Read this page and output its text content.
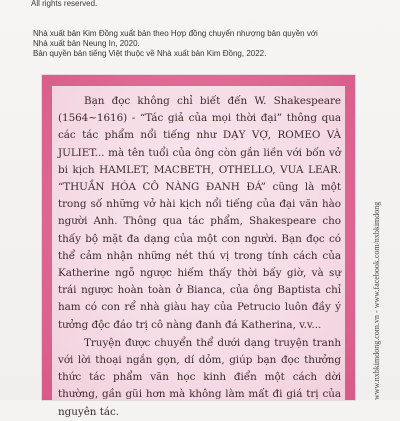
All rights reserved.
Nhà xuất bản Kim Đồng xuất bản theo Hợp đồng chuyển nhượng bản quyền với
Nhà xuất bản Neung In, 2020.
Bản quyền bản tiếng Việt thuộc về Nhà xuất bản Kim Đồng, 2022.

Bạn đọc không chỉ biết đến W. Shakespeare (1564~1616) - “Tác giả của mọi thời đại” thông qua các tác phẩm nổi tiếng như DẠY VỢ, ROMEO VÀ JULIET... mà tên tuổi của ông còn gắn liền với bốn vở bi kịch HAMLET, MACBETH, OTHELLO, VUA LEAR. “THUẦN HÓA CÔ NÀNG ĐANH ĐÁ” cũng là một trong số những vở hài kịch nổi tiếng của đại văn hào người Anh. Thông qua tác phẩm, Shakespeare cho thấy bộ mặt đa dạng của một con người. Bạn đọc có thể cảm nhận những nét thú vị trong tính cách của Katherine ngỗ ngược hiếm thấy thời bấy giờ, và sự trái ngược hoàn toàn ở Bianca, của ông Baptista chỉ ham có con rể nhà giàu hay của Petrucio luôn đầy ý tưởng độc đáo trị cô nàng đanh đá Katherina, v.v...

Truyện được chuyển thể dưới dạng truyện tranh với lời thoại ngắn gọn, dí dỏm, giúp bạn đọc thưởng thức tác phẩm văn học kinh điển một cách dời thường, gần gũi hơn mà không làm mất đi giá trị của nguyên tác.

www.nxbkimdong.com.vn - www.facebook.com/nxbkimdong
